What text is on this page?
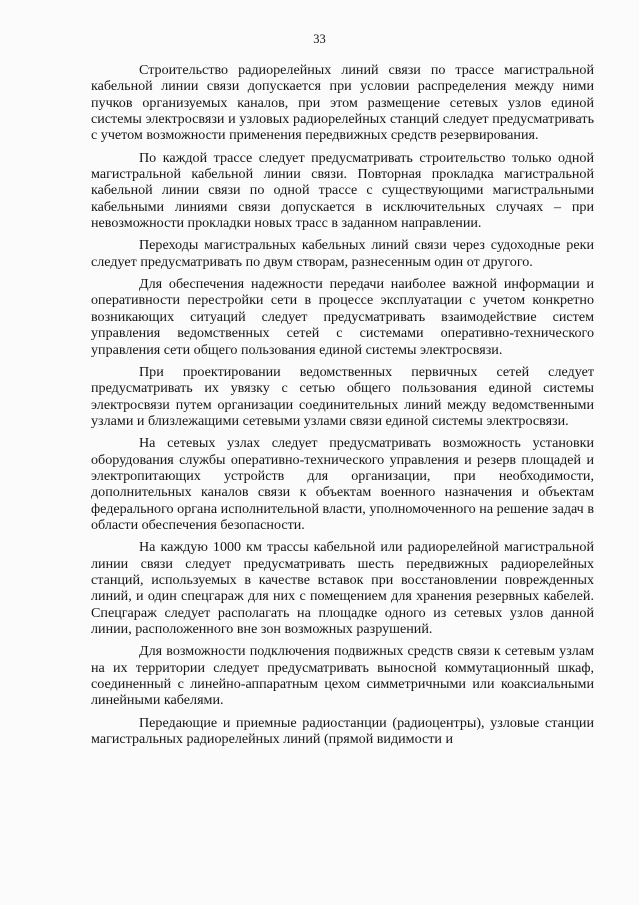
33

Строительство радиорелейных линий связи по трассе магистральной кабельной линии связи допускается при условии распределения между ними пучков организуемых каналов, при этом размещение сетевых узлов единой системы электросвязи и узловых радиорелейных станций следует предусматривать с учетом возможности применения передвижных средств резервирования.

По каждой трассе следует предусматривать строительство только одной магистральной кабельной линии связи. Повторная прокладка магистральной кабельной линии связи по одной трассе с существующими магистральными кабельными линиями связи допускается в исключительных случаях – при невозможности прокладки новых трасс в заданном направлении.

Переходы магистральных кабельных линий связи через судоходные реки следует предусматривать по двум створам, разнесенным один от другого.

Для обеспечения надежности передачи наиболее важной информации и оперативности перестройки сети в процессе эксплуатации с учетом конкретно возникающих ситуаций следует предусматривать взаимодействие систем управления ведомственных сетей с системами оперативно-технического управления сети общего пользования единой системы электросвязи.

При проектировании ведомственных первичных сетей следует предусматривать их увязку с сетью общего пользования единой системы электросвязи путем организации соединительных линий между ведомственными узлами и близлежащими сетевыми узлами связи единой системы электросвязи.

На сетевых узлах следует предусматривать возможность установки оборудования службы оперативно-технического управления и резерв площадей и электропитающих устройств для организации, при необходимости, дополнительных каналов связи к объектам военного назначения и объектам федерального органа исполнительной власти, уполномоченного на решение задач в области обеспечения безопасности.

На каждую 1000 км трассы кабельной или радиорелейной магистральной линии связи следует предусматривать шесть передвижных радиорелейных станций, используемых в качестве вставок при восстановлении поврежденных линий, и один спецгараж для них с помещением для хранения резервных кабелей. Спецгараж следует располагать на площадке одного из сетевых узлов данной линии, расположенного вне зон возможных разрушений.

Для возможности подключения подвижных средств связи к сетевым узлам на их территории следует предусматривать выносной коммутационный шкаф, соединенный с линейно-аппаратным цехом симметричными или коаксиальными линейными кабелями.

Передающие и приемные радиостанции (радиоцентры), узловые станции магистральных радиорелейных линий (прямой видимости и
